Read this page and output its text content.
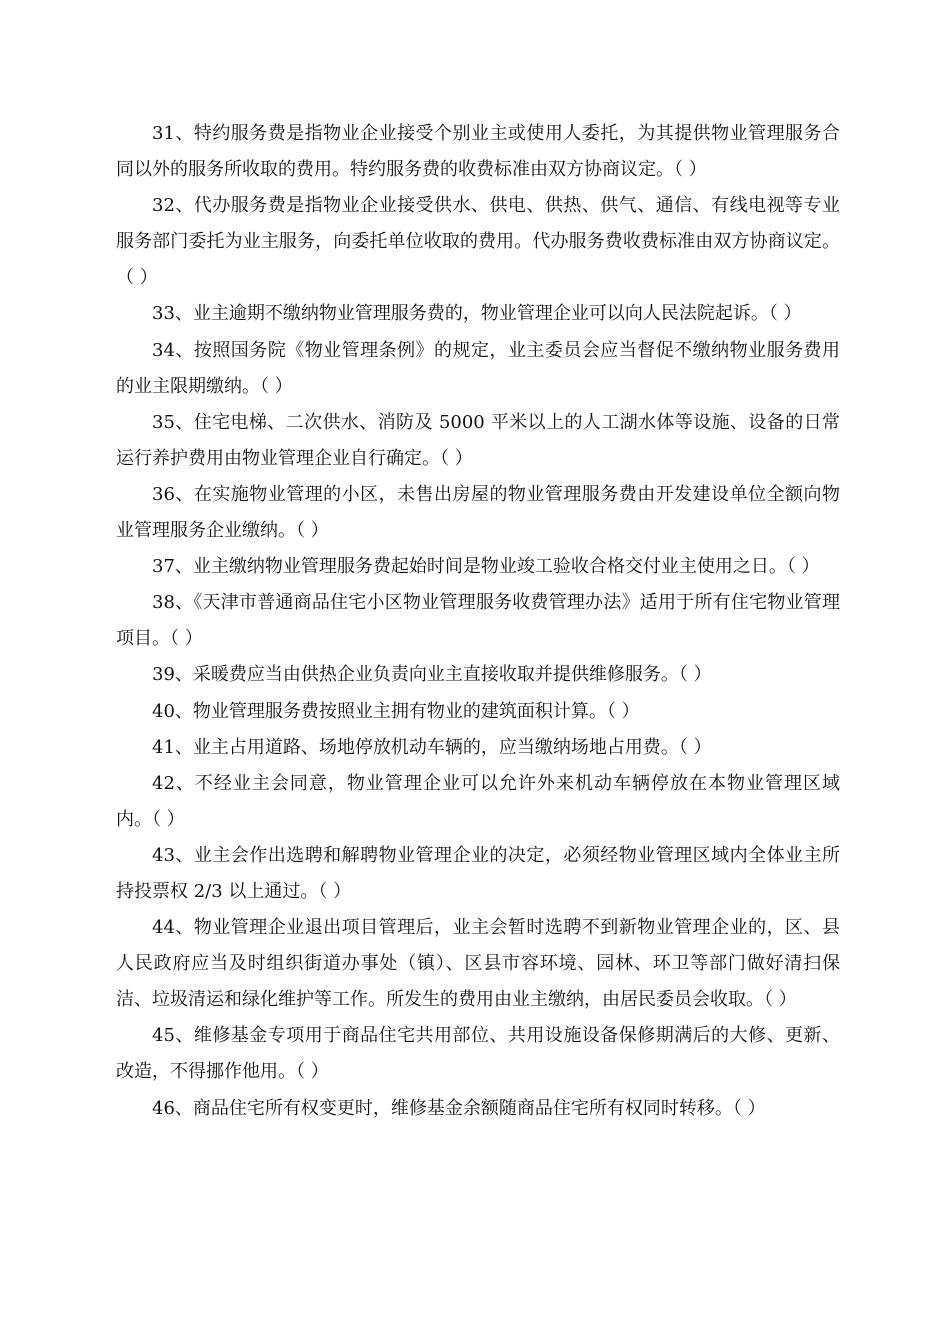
31、特约服务费是指物业企业接受个别业主或使用人委托，为其提供物业管理服务合同以外的服务所收取的费用。特约服务费的收费标准由双方协商议定。（ ）

32、代办服务费是指物业企业接受供水、供电、供热、供气、通信、有线电视等专业服务部门委托为业主服务，向委托单位收取的费用。代办服务费收费标准由双方协商议定。（ ）

33、业主逾期不缴纳物业管理服务费的，物业管理企业可以向人民法院起诉。（ ）

34、按照国务院《物业管理条例》的规定，业主委员会应当督促不缴纳物业服务费用的业主限期缴纳。（ ）

35、住宅电梯、二次供水、消防及 5000 平米以上的人工湖水体等设施、设备的日常运行养护费用由物业管理企业自行确定。（ ）

36、在实施物业管理的小区，未售出房屋的物业管理服务费由开发建设单位全额向物业管理服务企业缴纳。（ ）

37、业主缴纳物业管理服务费起始时间是物业竣工验收合格交付业主使用之日。（ ）

38、《天津市普通商品住宅小区物业管理服务收费管理办法》适用于所有住宅物业管理项目。（ ）

39、采暖费应当由供热企业负责向业主直接收取并提供维修服务。（ ）

40、物业管理服务费按照业主拥有物业的建筑面积计算。（ ）

41、业主占用道路、场地停放机动车辆的，应当缴纳场地占用费。（ ）

42、不经业主会同意，物业管理企业可以允许外来机动车辆停放在本物业管理区域内。（ ）

43、业主会作出选聘和解聘物业管理企业的决定，必须经物业管理区域内全体业主所持投票权 2/3 以上通过。（ ）

44、物业管理企业退出项目管理后，业主会暂时选聘不到新物业管理企业的，区、县人民政府应当及时组织街道办事处（镇）、区县市容环境、园林、环卫等部门做好清扫保洁、垃圾清运和绿化维护等工作。所发生的费用由业主缴纳，由居民委员会收取。（ ）

45、维修基金专项用于商品住宅共用部位、共用设施设备保修期满后的大修、更新、改造，不得挪作他用。（ ）

46、商品住宅所有权变更时，维修基金余额随商品住宅所有权同时转移。（ ）
